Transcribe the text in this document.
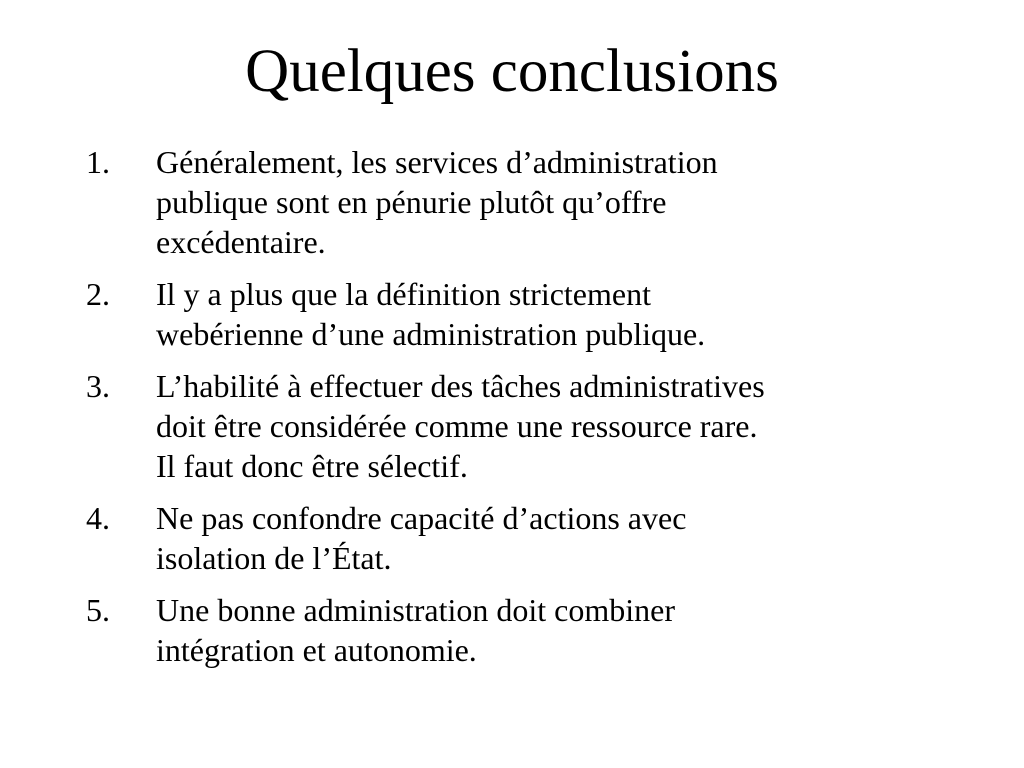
Quelques conclusions
1. Généralement, les services d’administration
publique sont en pénurie plutôt qu’offre
excédentaire.
2. Il y a plus que la définition strictement
webérienne d’une administration publique.
3. L’habilité à effectuer des tâches administratives
doit être considérée comme une ressource rare.
Il faut donc être sélectif.
4. Ne pas confondre capacité d’actions avec
isolation de l’État.
5. Une bonne administration doit combiner
intégration et autonomie.
